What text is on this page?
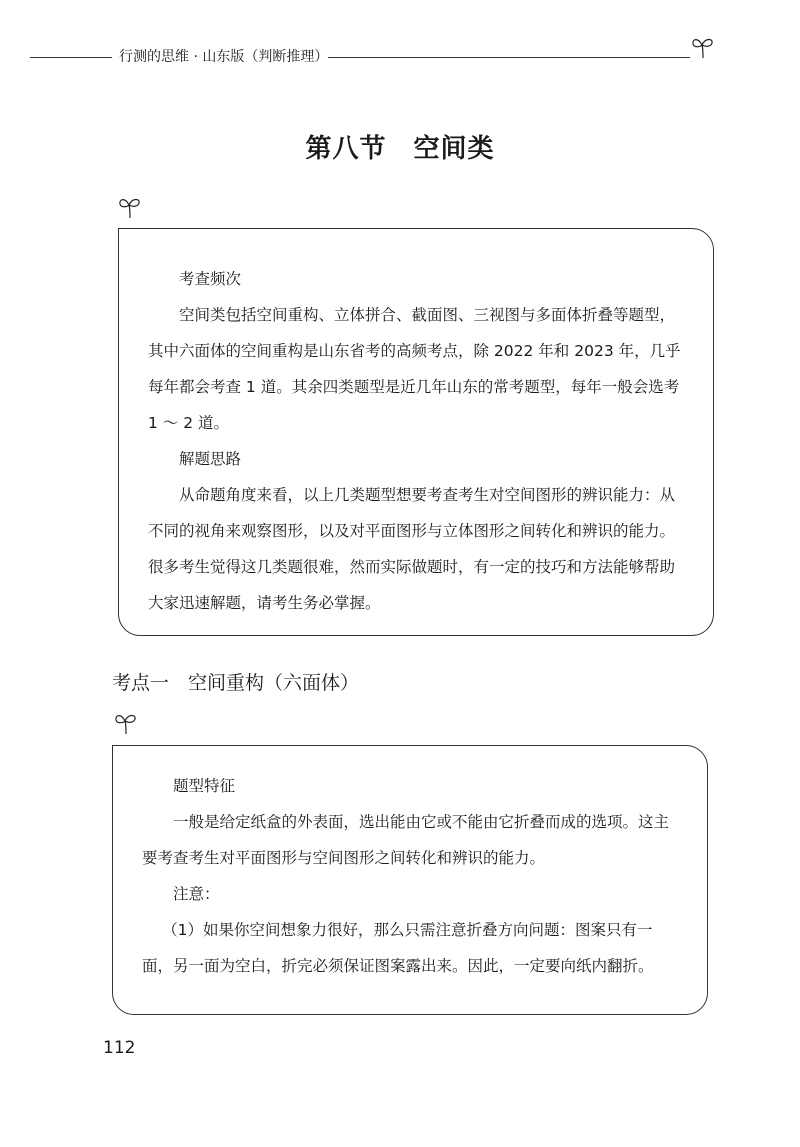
行测的思维 · 山东版（判断推理）
第八节　空间类

考查频次

空间类包括空间重构、立体拼合、截面图、三视图与多面体折叠等题型，其中六面体的空间重构是山东省考的高频考点，除 2022 年和 2023 年，几乎每年都会考查 1 道。其余四类题型是近几年山东的常考题型，每年一般会选考 1 ～ 2 道。

解题思路

从命题角度来看，以上几类题型想要考查考生对空间图形的辨识能力：从不同的视角来观察图形，以及对平面图形与立体图形之间转化和辨识的能力。很多考生觉得这几类题很难，然而实际做题时，有一定的技巧和方法能够帮助大家迅速解题，请考生务必掌握。

考点一　空间重构（六面体）

题型特征

一般是给定纸盒的外表面，选出能由它或不能由它折叠而成的选项。这主要考查考生对平面图形与空间图形之间转化和辨识的能力。

注意：

（1）如果你空间想象力很好，那么只需注意折叠方向问题：图案只有一面，另一面为空白，折完必须保证图案露出来。因此，一定要向纸内翻折。

112
